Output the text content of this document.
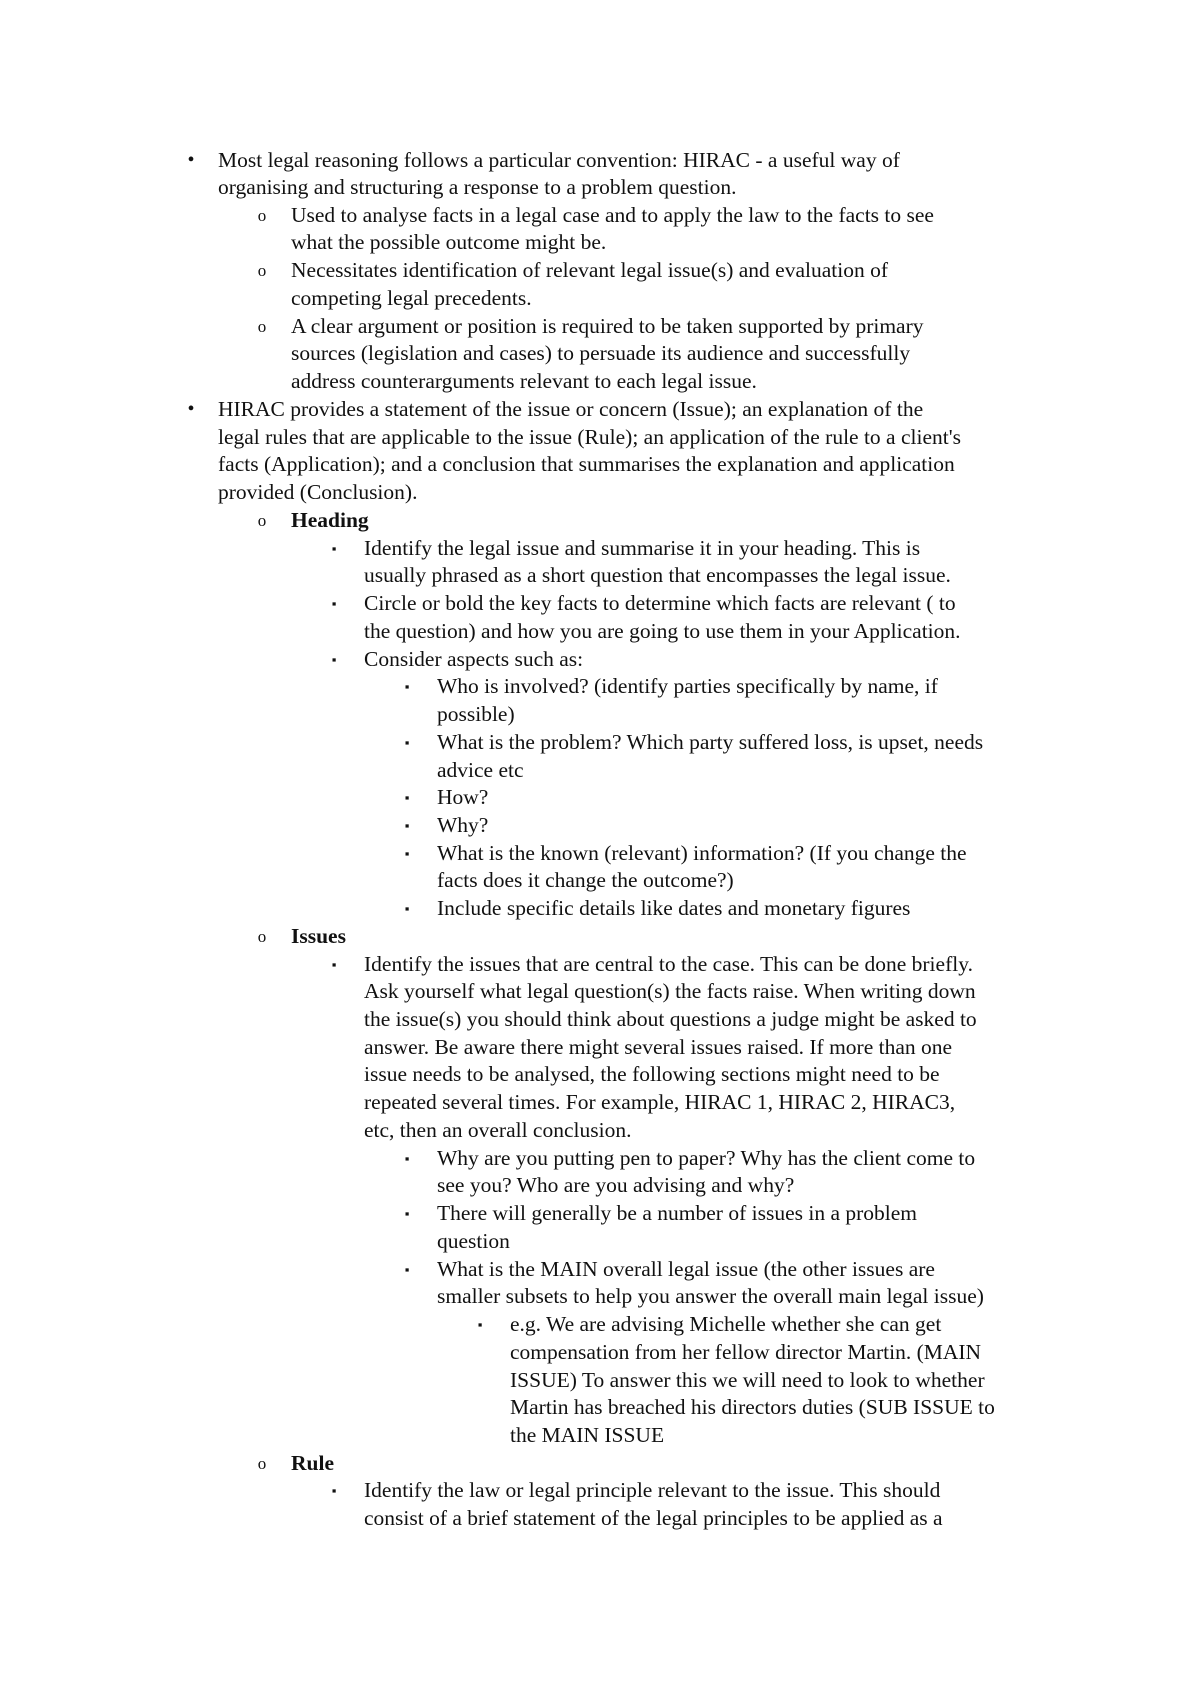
•	Most legal reasoning follows a particular convention: HIRAC - a useful way of
organising and structuring a response to a problem question.
o Used to analyse facts in a legal case and to apply the law to the facts to see
what the possible outcome might be.
o Necessitates identification of relevant legal issue(s) and evaluation of
competing legal precedents.
o A clear argument or position is required to be taken supported by primary
sources (legislation and cases) to persuade its audience and successfully
address counterarguments relevant to each legal issue.
•	HIRAC provides a statement of the issue or concern (Issue); an explanation of the
legal rules that are applicable to the issue (Rule); an application of the rule to a client's
facts (Application); and a conclusion that summarises the explanation and application
provided (Conclusion).
o Heading
▪ Identify the legal issue and summarise it in your heading. This is
usually phrased as a short question that encompasses the legal issue.
▪ Circle or bold the key facts to determine which facts are relevant ( to
the question) and how you are going to use them in your Application.
▪ Consider aspects such as:
▪ Who is involved? (identify parties specifically by name, if
possible)
▪ What is the problem? Which party suffered loss, is upset, needs
advice etc
▪ How?
▪ Why?
▪ What is the known (relevant) information? (If you change the
facts does it change the outcome?)
▪ Include specific details like dates and monetary figures
o Issues
▪ Identify the issues that are central to the case. This can be done briefly.
Ask yourself what legal question(s) the facts raise. When writing down
the issue(s) you should think about questions a judge might be asked to
answer. Be aware there might several issues raised. If more than one
issue needs to be analysed, the following sections might need to be
repeated several times. For example, HIRAC 1, HIRAC 2, HIRAC3,
etc, then an overall conclusion.
▪ Why are you putting pen to paper? Why has the client come to
see you? Who are you advising and why?
▪ There will generally be a number of issues in a problem
question
▪ What is the MAIN overall legal issue (the other issues are
smaller subsets to help you answer the overall main legal issue)
▪ e.g. We are advising Michelle whether she can get
compensation from her fellow director Martin. (MAIN
ISSUE) To answer this we will need to look to whether
Martin has breached his directors duties (SUB ISSUE to
the MAIN ISSUE
o Rule
▪ Identify the law or legal principle relevant to the issue. This should
consist of a brief statement of the legal principles to be applied as a
